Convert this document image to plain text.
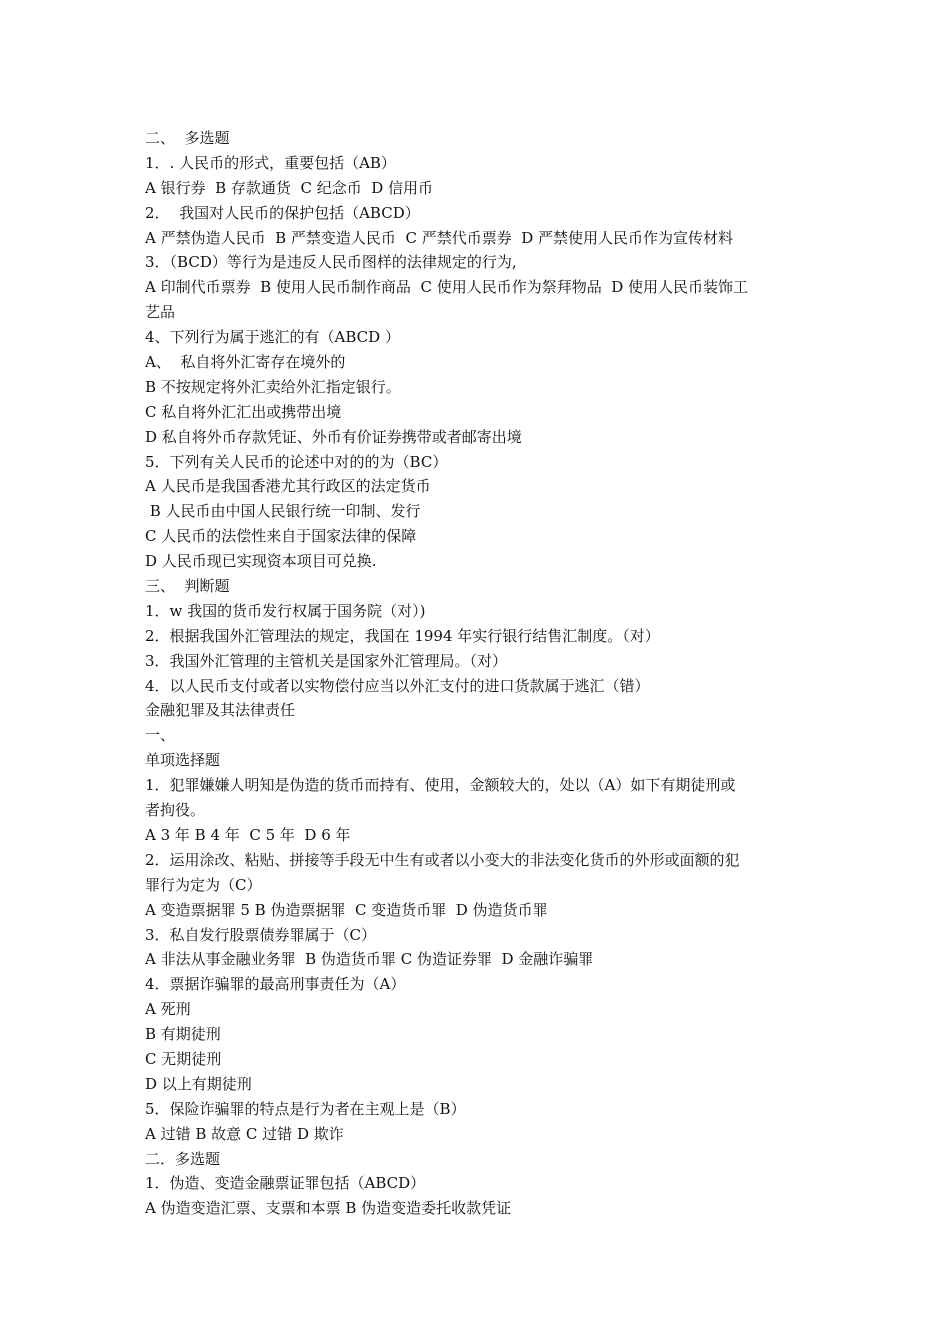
二、  多选题
1．. 人民币的形式，重要包括（AB）
A 银行券  B 存款通货  C 纪念币  D 信用币
2．  我国对人民币的保护包括（ABCD）
A 严禁伪造人民币  B 严禁变造人民币  C 严禁代币票券  D 严禁使用人民币作为宣传材料
3．（BCD）等行为是违反人民币图样的法律规定的行为,
A 印制代币票券  B 使用人民币制作商品  C 使用人民币作为祭拜物品  D 使用人民币装饰工
艺品
4、下列行为属于逃汇的有（ABCD ）
A、  私自将外汇寄存在境外的
B 不按规定将外汇卖给外汇指定银行。
C 私自将外汇汇出或携带出境
D 私自将外币存款凭证、外币有价证券携带或者邮寄出境
5．下列有关人民币的论述中对的的为（BC）
A 人民币是我国香港尤其行政区的法定货币
B 人民币由中国人民银行统一印制、发行
C 人民币的法偿性来自于国家法律的保障
D 人民币现已实现资本项目可兑换.
三、  判断题
1．w 我国的货币发行权属于国务院（对）)
2．根据我国外汇管理法的规定，我国在 1994 年实行银行结售汇制度。（对）
3．我国外汇管理的主管机关是国家外汇管理局。（对）
4．以人民币支付或者以实物偿付应当以外汇支付的进口货款属于逃汇（错）
金融犯罪及其法律责任
一、
单项选择题
1．犯罪嫌嫌人明知是伪造的货币而持有、使用，金额较大的，处以（A）如下有期徒刑或
者拘役。
A 3 年 B 4 年  C 5 年  D 6 年
2．运用涂改、粘贴、拼接等手段无中生有或者以小变大的非法变化货币的外形或面额的犯
罪行为定为（C）
A 变造票据罪 5 B 伪造票据罪  C 变造货币罪  D 伪造货币罪
3．私自发行股票债券罪属于（C）
A 非法从事金融业务罪  B 伪造货币罪 C 伪造证券罪  D 金融诈骗罪
4．票据诈骗罪的最高刑事责任为（A）
A 死刑
B 有期徒刑
C 无期徒刑
D 以上有期徒刑
5．保险诈骗罪的特点是行为者在主观上是（B）
A 过错 B 故意 C 过错 D 欺诈
二．多选题
1．伪造、变造金融票证罪包括（ABCD）
A 伪造变造汇票、支票和本票 B 伪造变造委托收款凭证
